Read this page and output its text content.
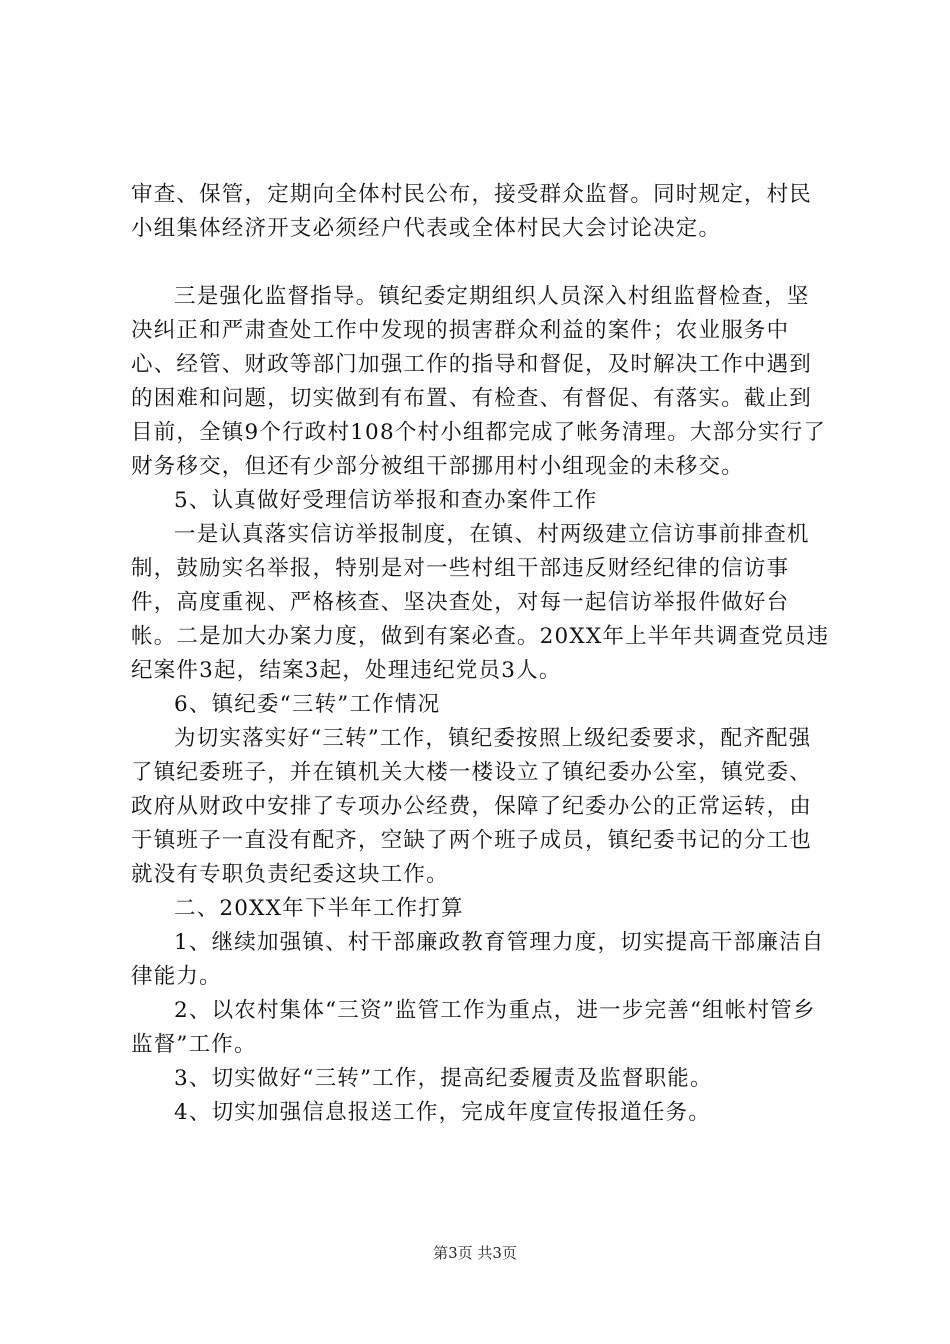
审查、保管，定期向全体村民公布，接受群众监督。同时规定，村民小组集体经济开支必须经户代表或全体村民大会讨论决定。

三是强化监督指导。镇纪委定期组织人员深入村组监督检查，坚决纠正和严肃查处工作中发现的损害群众利益的案件；农业服务中心、经管、财政等部门加强工作的指导和督促，及时解决工作中遇到的困难和问题，切实做到有布置、有检查、有督促、有落实。截止到目前，全镇9个行政村108个村小组都完成了帐务清理。大部分实行了财务移交，但还有少部分被组干部挪用村小组现金的未移交。

5、认真做好受理信访举报和查办案件工作

一是认真落实信访举报制度，在镇、村两级建立信访事前排查机制，鼓励实名举报，特别是对一些村组干部违反财经纪律的信访事件，高度重视、严格核查、坚决查处，对每一起信访举报件做好台帐。二是加大办案力度，做到有案必查。20XX年上半年共调查党员违纪案件3起，结案3起，处理违纪党员3人。

6、镇纪委“三转”工作情况

为切实落实好“三转”工作，镇纪委按照上级纪委要求，配齐配强了镇纪委班子，并在镇机关大楼一楼设立了镇纪委办公室，镇党委、政府从财政中安排了专项办公经费，保障了纪委办公的正常运转，由于镇班子一直没有配齐，空缺了两个班子成员，镇纪委书记的分工也就没有专职负责纪委这块工作。

二、20XX年下半年工作打算

1、继续加强镇、村干部廉政教育管理力度，切实提高干部廉洁自律能力。

2、以农村集体“三资”监管工作为重点，进一步完善“组帐村管乡监督”工作。

3、切实做好“三转”工作，提高纪委履责及监督职能。

4、切实加强信息报送工作，完成年度宣传报道任务。

第3页 共3页
